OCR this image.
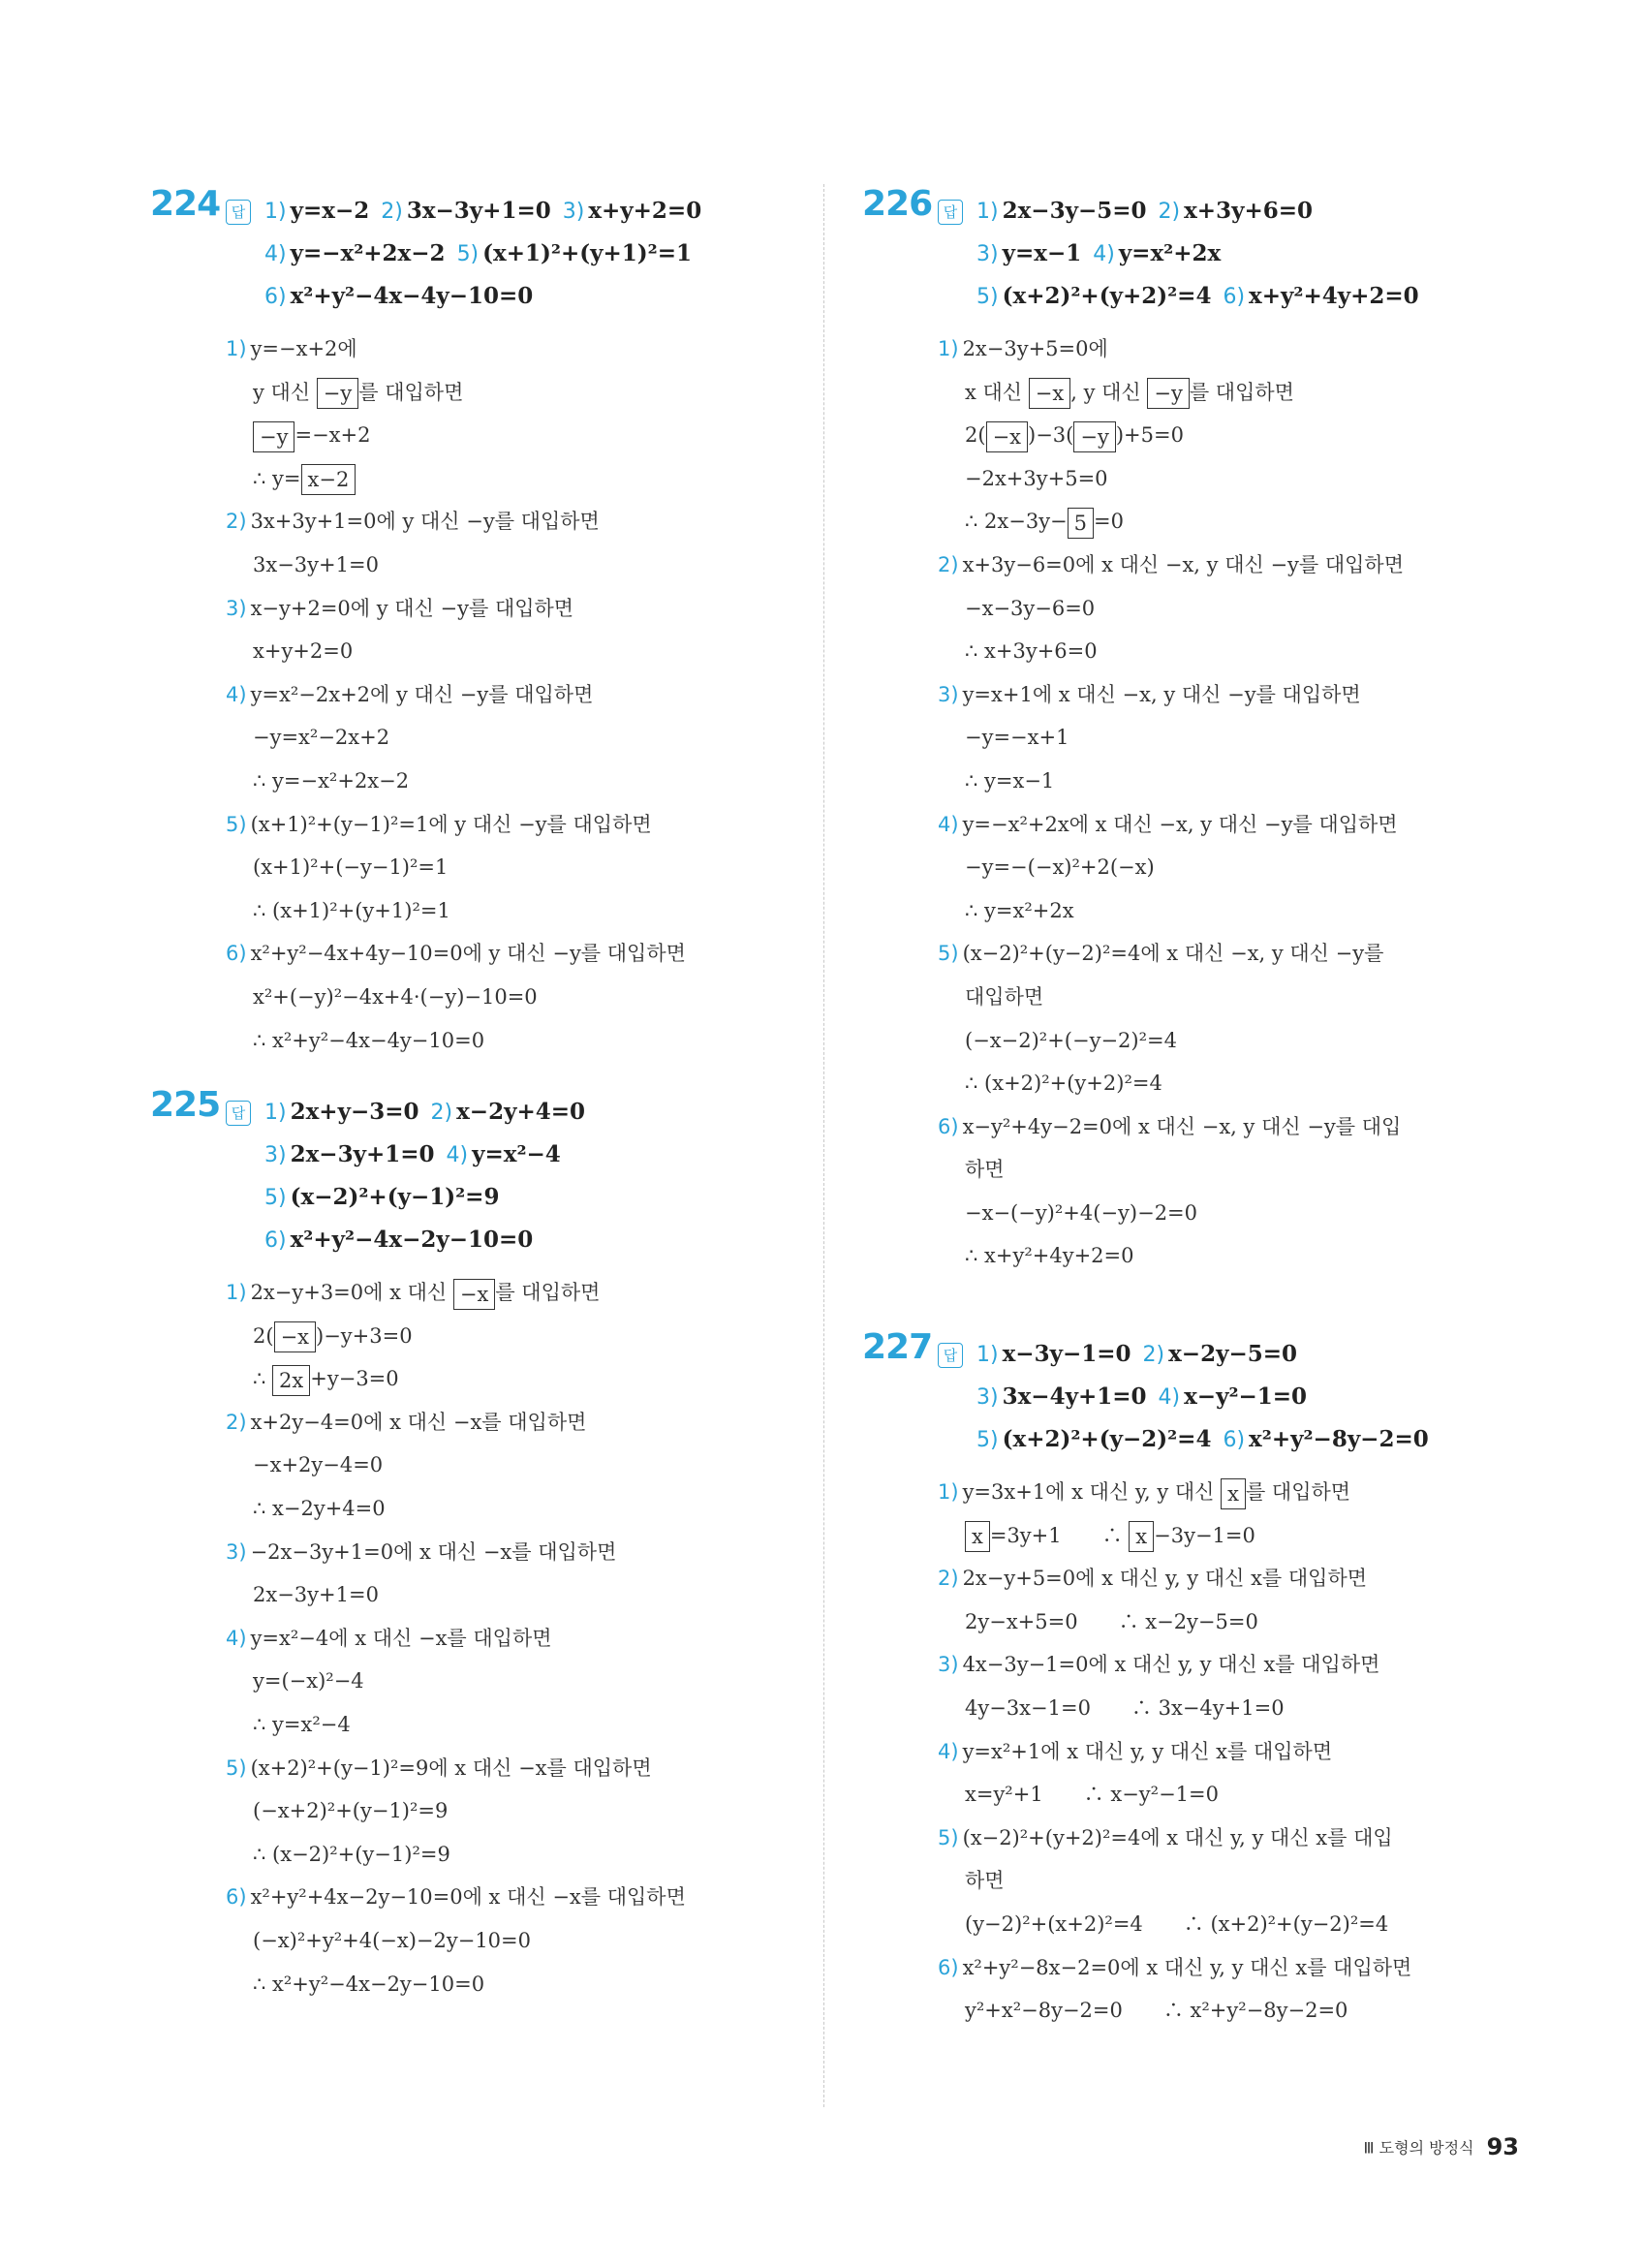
224 답 1) y=x−2 2) 3x−3y+1=0 3) x+y+2=0
4) y=−x²+2x−2 5) (x+1)²+(y+1)²=1
6) x²+y²−4x−4y−10=0
1) y=−x+2에
y 대신 −y 를 대입하면
−y =−x+2
∴ y= x−2
2) 3x+3y+1=0에 y 대신 −y를 대입하면
3x−3y+1=0
3) x−y+2=0에 y 대신 −y를 대입하면
x+y+2=0
4) y=x²−2x+2에 y 대신 −y를 대입하면
−y=x²−2x+2
∴ y=−x²+2x−2
5) (x+1)²+(y−1)²=1에 y 대신 −y를 대입하면
(x+1)²+(−y−1)²=1
∴ (x+1)²+(y+1)²=1
6) x²+y²−4x+4y−10=0에 y 대신 −y를 대입하면
x²+(−y)²−4x+4·(−y)−10=0
∴ x²+y²−4x−4y−10=0
225 답 1) 2x+y−3=0 2) x−2y+4=0
3) 2x−3y+1=0 4) y=x²−4
5) (x−2)²+(y−1)²=9
6) x²+y²−4x−2y−10=0
1) 2x−y+3=0에 x 대신 −x 를 대입하면
2( −x )−y+3=0
∴ 2x +y−3=0
2) x+2y−4=0에 x 대신 −x를 대입하면
−x+2y−4=0
∴ x−2y+4=0
3) −2x−3y+1=0에 x 대신 −x를 대입하면
2x−3y+1=0
4) y=x²−4에 x 대신 −x를 대입하면
y=(−x)²−4
∴ y=x²−4
5) (x+2)²+(y−1)²=9에 x 대신 −x를 대입하면
(−x+2)²+(y−1)²=9
∴ (x−2)²+(y−1)²=9
6) x²+y²+4x−2y−10=0에 x 대신 −x를 대입하면
(−x)²+y²+4(−x)−2y−10=0
∴ x²+y²−4x−2y−10=0
226 답 1) 2x−3y−5=0 2) x+3y+6=0
3) y=x−1 4) y=x²+2x
5) (x+2)²+(y+2)²=4 6) x+y²+4y+2=0
1) 2x−3y+5=0에
x 대신 −x , y 대신 −y 를 대입하면
2( −x )−3( −y )+5=0
−2x+3y+5=0
∴ 2x−3y− 5 =0
2) x+3y−6=0에 x 대신 −x, y 대신 −y를 대입하면
−x−3y−6=0
∴ x+3y+6=0
3) y=x+1에 x 대신 −x, y 대신 −y를 대입하면
−y=−x+1
∴ y=x−1
4) y=−x²+2x에 x 대신 −x, y 대신 −y를 대입하면
−y=−(−x)²+2(−x)
∴ y=x²+2x
5) (x−2)²+(y−2)²=4에 x 대신 −x, y 대신 −y를
대입하면
(−x−2)²+(−y−2)²=4
∴ (x+2)²+(y+2)²=4
6) x−y²+4y−2=0에 x 대신 −x, y 대신 −y를 대입
하면
−x−(−y)²+4(−y)−2=0
∴ x+y²+4y+2=0
227 답 1) x−3y−1=0 2) x−2y−5=0
3) 3x−4y+1=0 4) x−y²−1=0
5) (x+2)²+(y−2)²=4 6) x²+y²−8y−2=0
1) y=3x+1에 x 대신 y, y 대신 x 를 대입하면
x =3y+1　　∴ x −3y−1=0
2) 2x−y+5=0에 x 대신 y, y 대신 x를 대입하면
2y−x+5=0　　∴ x−2y−5=0
3) 4x−3y−1=0에 x 대신 y, y 대신 x를 대입하면
4y−3x−1=0　　∴ 3x−4y+1=0
4) y=x²+1에 x 대신 y, y 대신 x를 대입하면
x=y²+1　　∴ x−y²−1=0
5) (x−2)²+(y+2)²=4에 x 대신 y, y 대신 x를 대입
하면
(y−2)²+(x+2)²=4　　∴ (x+2)²+(y−2)²=4
6) x²+y²−8x−2=0에 x 대신 y, y 대신 x를 대입하면
y²+x²−8y−2=0　　∴ x²+y²−8y−2=0
Ⅲ 도형의 방정식 93
